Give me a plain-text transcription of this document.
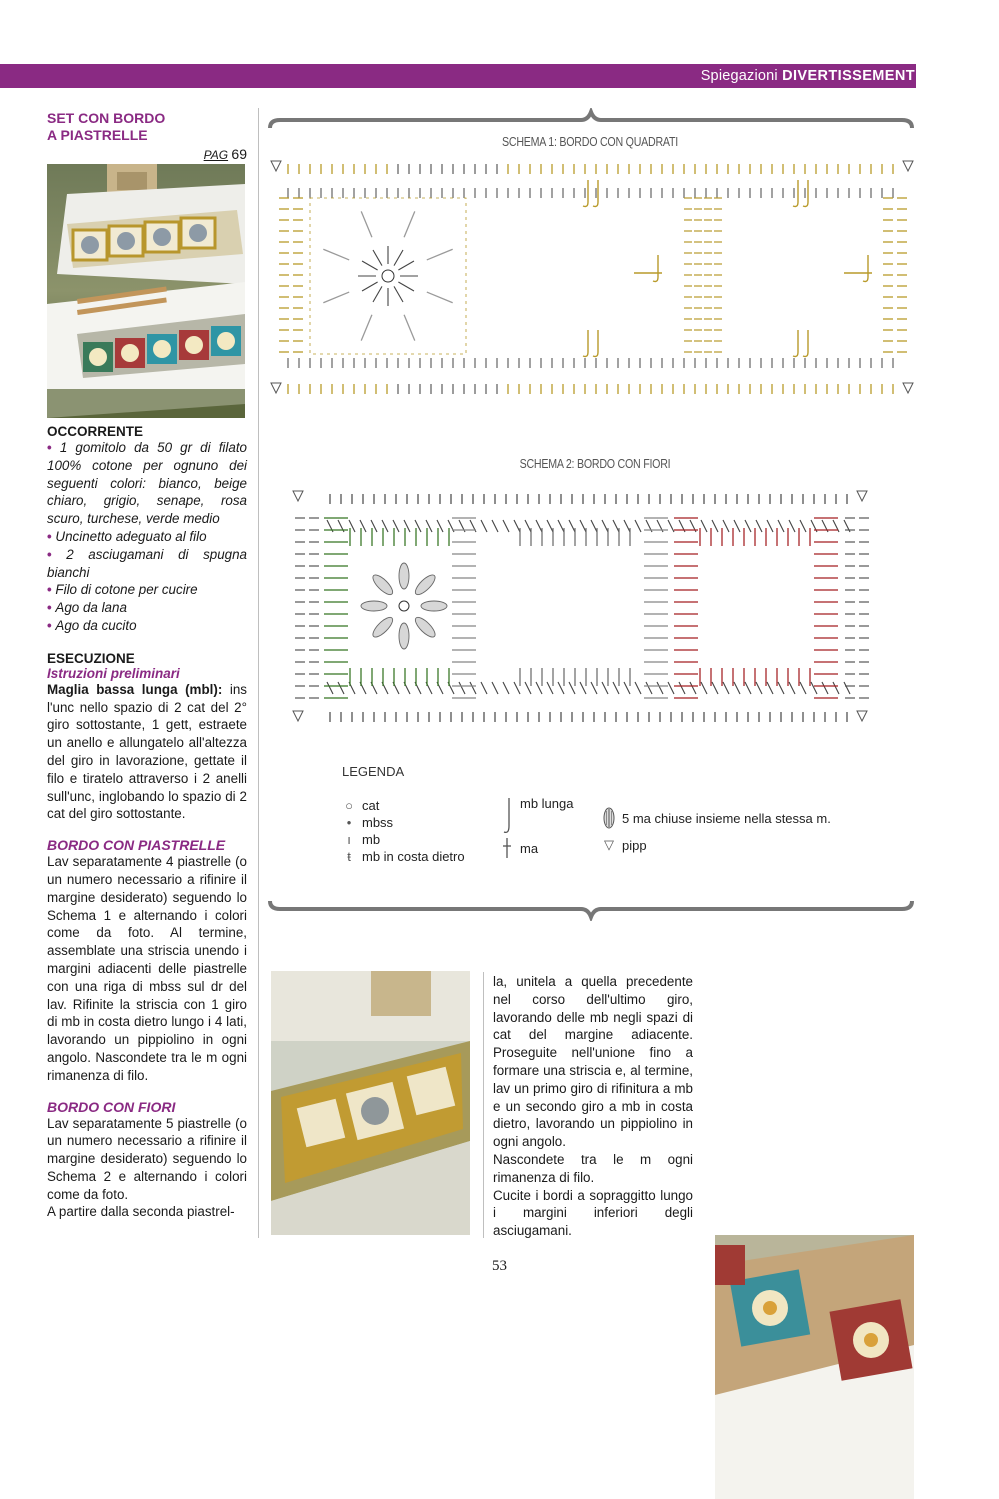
Spiegazioni DIVERTISSEMENT
SET CON BORDO
A PIASTRELLE
PAG 69
OCCORRENTE
• 1 gomitolo da 50 gr di filato 100% cotone per ognuno dei seguenti colori: bianco, beige chiaro, grigio, senape, rosa scuro, turchese, verde medio
• Uncinetto adeguato al filo
• 2 asciugamani di spugna bianchi
• Filo di cotone per cucire
• Ago da lana
• Ago da cucito
ESECUZIONE
Istruzioni preliminari
Maglia bassa lunga (mbl): ins l'unc nello spazio di 2 cat del 2° giro sottostante, 1 gett, estraete un anello e allungatelo all'altezza del giro in lavorazione, gettate il filo e tiratelo attraverso i 2 anelli sull'unc, inglobando lo spazio di 2 cat del giro sottostante.
BORDO CON PIASTRELLE
Lav separatamente 4 piastrelle (o un numero necessario a rifinire il margine desiderato) seguendo lo Schema 1 e alternando i colori come da foto. Al termine, assemblate una striscia unendo i margini adiacenti delle piastrelle con una riga di mbss sul dr del lav. Rifinite la striscia con 1 giro di mb in costa dietro lungo i 4 lati, lavorando un pippiolino in ogni angolo. Nascondete tra le m ogni rimanenza di filo.
BORDO CON FIORI
Lav separatamente 5 piastrelle (o un numero necessario a rifinire il margine desiderato) seguendo lo Schema 2 e alternando i colori come da foto.
A partire dalla seconda piastrel-
SCHEMA 1: BORDO CON QUADRATI
SCHEMA 2: BORDO CON FIORI
LEGENDA
○ cat
• mbss
ı mb
ŧ mb in costa dietro
mb lunga
ma
5 ma chiuse insieme nella stessa m.
▽ pipp
la, unitela a quella precedente nel corso dell'ultimo giro, lavorando delle mb negli spazi di cat del margine adiacente. Proseguite nell'unione fino a formare una striscia e, al termine, lav un primo giro di rifinitura a mb e un secondo giro a mb in costa dietro, lavorando un pippiolino in ogni angolo.
Nascondete tra le m ogni rimanenza di filo.
Cucite i bordi a sopraggitto lungo i margini inferiori degli asciugamani.
53
